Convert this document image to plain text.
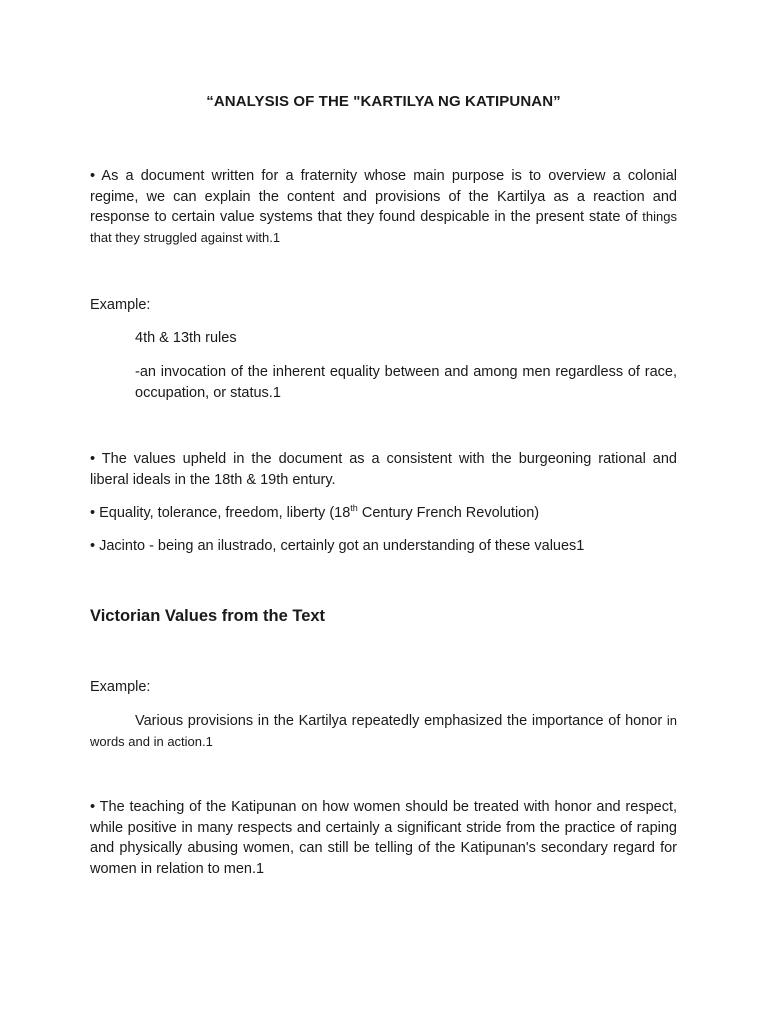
“ANALYSIS OF THE "KARTILYA NG KATIPUNAN”
• As a document written for a fraternity whose main purpose is to overview a colonial regime, we can explain the content and provisions of the Kartilya as a reaction and response to certain value systems that they found despicable in the present state of things that they struggled against with.1
Example:
4th & 13th rules
-an invocation of the inherent equality between and among men regardless of race, occupation, or status.1
• The values upheld in the document as a consistent with the burgeoning rational and liberal ideals in the 18th & 19th entury.
• Equality, tolerance, freedom, liberty (18th Century French Revolution)
• Jacinto - being an ilustrado, certainly got an understanding of these values1
Victorian Values from the Text
Example:
Various provisions in the Kartilya repeatedly emphasized the importance of honor in words and in action.1
• The teaching of the Katipunan on how women should be treated with honor and respect, while positive in many respects and certainly a significant stride from the practice of raping and physically abusing women, can still be telling of the Katipunan's secondary regard for women in relation to men.1
